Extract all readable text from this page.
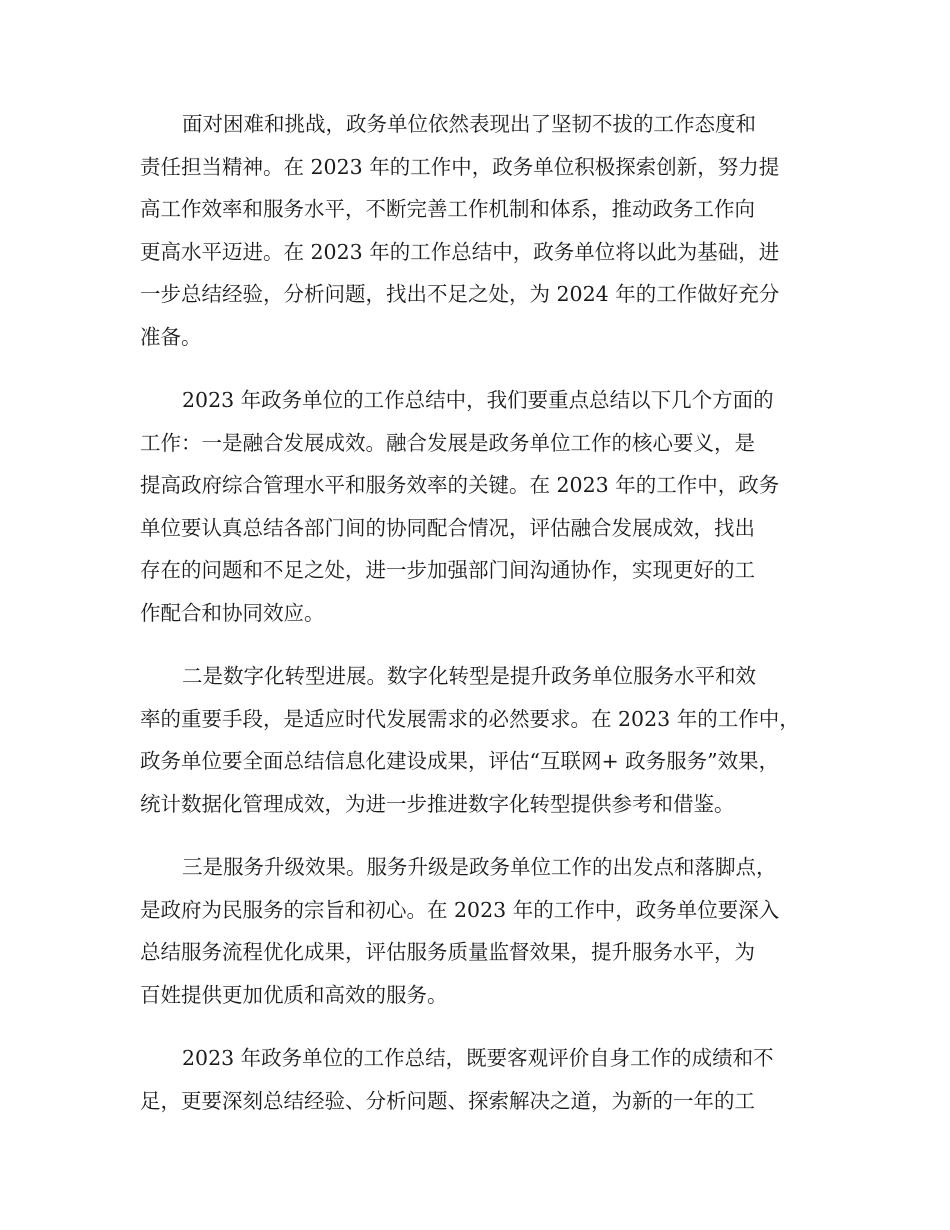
面对困难和挑战，政务单位依然表现出了坚韧不拔的工作态度和
责任担当精神。在 2023 年的工作中，政务单位积极探索创新，努力提
高工作效率和服务水平，不断完善工作机制和体系，推动政务工作向
更高水平迈进。在 2023 年的工作总结中，政务单位将以此为基础，进
一步总结经验，分析问题，找出不足之处，为 2024 年的工作做好充分
准备。

2023 年政务单位的工作总结中，我们要重点总结以下几个方面的
工作：一是融合发展成效。融合发展是政务单位工作的核心要义，是
提高政府综合管理水平和服务效率的关键。在 2023 年的工作中，政务
单位要认真总结各部门间的协同配合情况，评估融合发展成效，找出
存在的问题和不足之处，进一步加强部门间沟通协作，实现更好的工
作配合和协同效应。

二是数字化转型进展。数字化转型是提升政务单位服务水平和效
率的重要手段，是适应时代发展需求的必然要求。在 2023 年的工作中，
政务单位要全面总结信息化建设成果，评估“互联网+ 政务服务”效果，
统计数据化管理成效，为进一步推进数字化转型提供参考和借鉴。

三是服务升级效果。服务升级是政务单位工作的出发点和落脚点，
是政府为民服务的宗旨和初心。在 2023 年的工作中，政务单位要深入
总结服务流程优化成果，评估服务质量监督效果，提升服务水平，为
百姓提供更加优质和高效的服务。

2023 年政务单位的工作总结，既要客观评价自身工作的成绩和不
足，更要深刻总结经验、分析问题、探索解决之道，为新的一年的工
